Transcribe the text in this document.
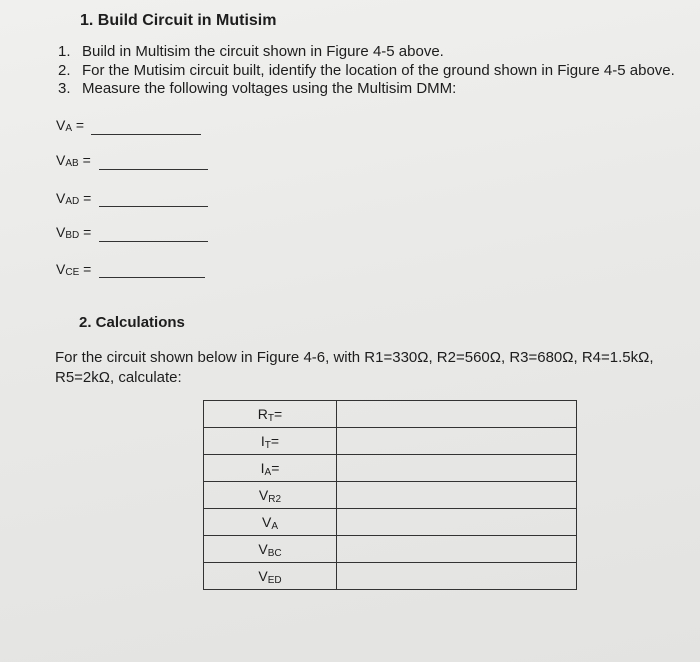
1. Build Circuit in Mutisim
1. Build in Multisim the circuit shown in Figure 4-5 above.
2. For the Mutisim circuit built, identify the location of the ground shown in Figure 4-5 above.
3. Measure the following voltages using the Multisim DMM:
$V_A$ =
$V_{AB}$ =
$V_{AD}$ =
$V_{BD}$ =
$V_{CE}$ =
2. Calculations

For the circuit shown below in Figure 4-6, with R1=330Ω, R2=560Ω, R3=680Ω, R4=1.5kΩ, R5=2kΩ, calculate:

$R_T=$	
$I_T=$	
$I_A=$	
$V_{R2}$	
$V_A$	
$V_{BC}$	
$V_{ED}$	
